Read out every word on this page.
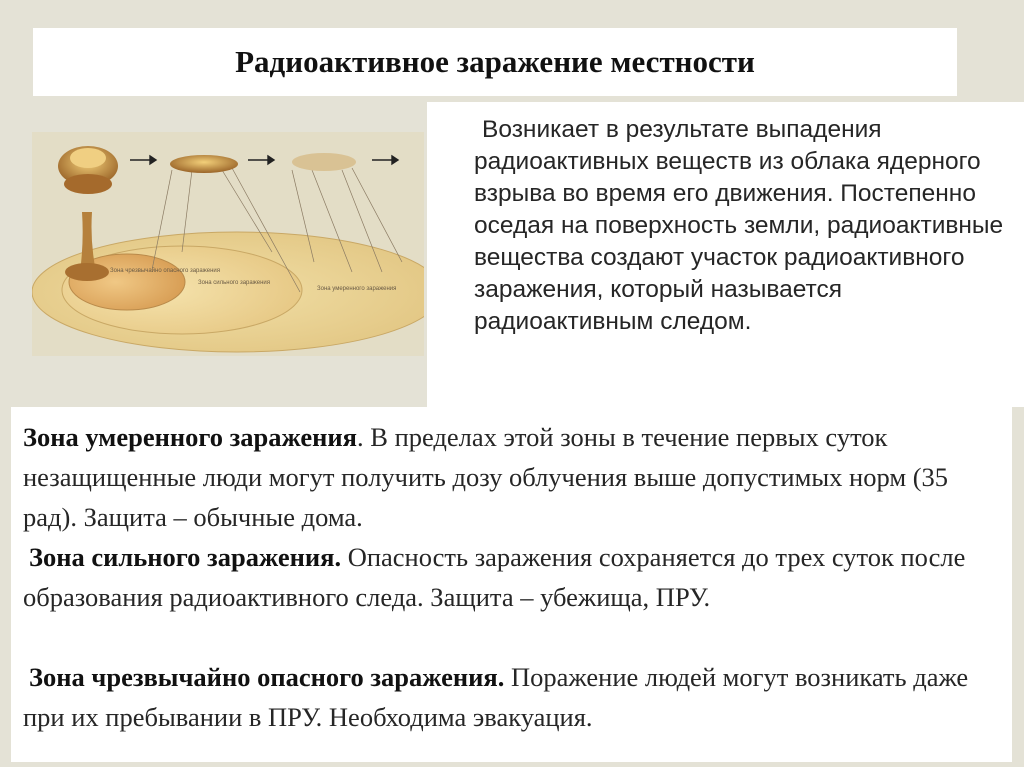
Радиоактивное заражение местности
Зона чрезвычайно опасного заражения
Зона сильного заражения
Зона умеренного заражения

Возникает в результате выпадения радиоактивных веществ из облака ядерного взрыва во время его движения. Постепенно оседая на поверхность земли, радиоактивные вещества создают участок радиоактивного заражения, который называется радиоактивным следом.

Зона умеренного заражения. В пределах этой зоны в течение первых суток незащищенные люди могут получить дозу облучения выше допустимых норм (35 рад). Защита – обычные дома.

Зона сильного заражения. Опасность заражения сохраняется до трех суток после образования радиоактивного следа. Защита – убежища, ПРУ.

Зона чрезвычайно опасного заражения. Поражение людей могут возникать даже при их пребывании в ПРУ. Необходима эвакуация.
